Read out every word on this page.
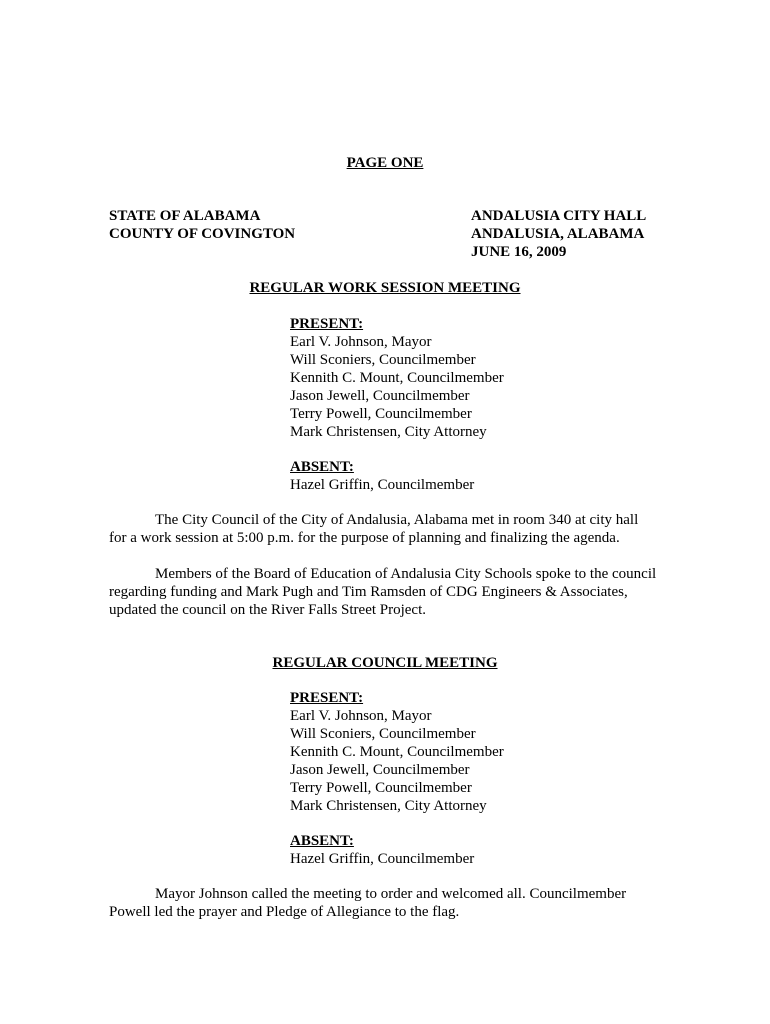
PAGE ONE
STATE OF ALABAMA
COUNTY OF COVINGTON
ANDALUSIA CITY HALL
ANDALUSIA, ALABAMA
JUNE 16, 2009
REGULAR WORK SESSION MEETING
PRESENT:
Earl V. Johnson, Mayor
Will Sconiers, Councilmember
Kennith C. Mount, Councilmember
Jason Jewell, Councilmember
Terry Powell, Councilmember
Mark Christensen, City Attorney
ABSENT:
Hazel Griffin, Councilmember
The City Council of the City of Andalusia, Alabama met in room 340 at city hall
for a work session at 5:00 p.m. for the purpose of planning and finalizing the agenda.
Members of the Board of Education of Andalusia City Schools spoke to the council
regarding funding and Mark Pugh and Tim Ramsden of CDG Engineers & Associates,
updated the council on the River Falls Street Project.
REGULAR COUNCIL MEETING
PRESENT:
Earl V. Johnson, Mayor
Will Sconiers, Councilmember
Kennith C. Mount, Councilmember
Jason Jewell, Councilmember
Terry Powell, Councilmember
Mark Christensen, City Attorney
ABSENT:
Hazel Griffin, Councilmember
Mayor Johnson called the meeting to order and welcomed all. Councilmember
Powell led the prayer and Pledge of Allegiance to the flag.
